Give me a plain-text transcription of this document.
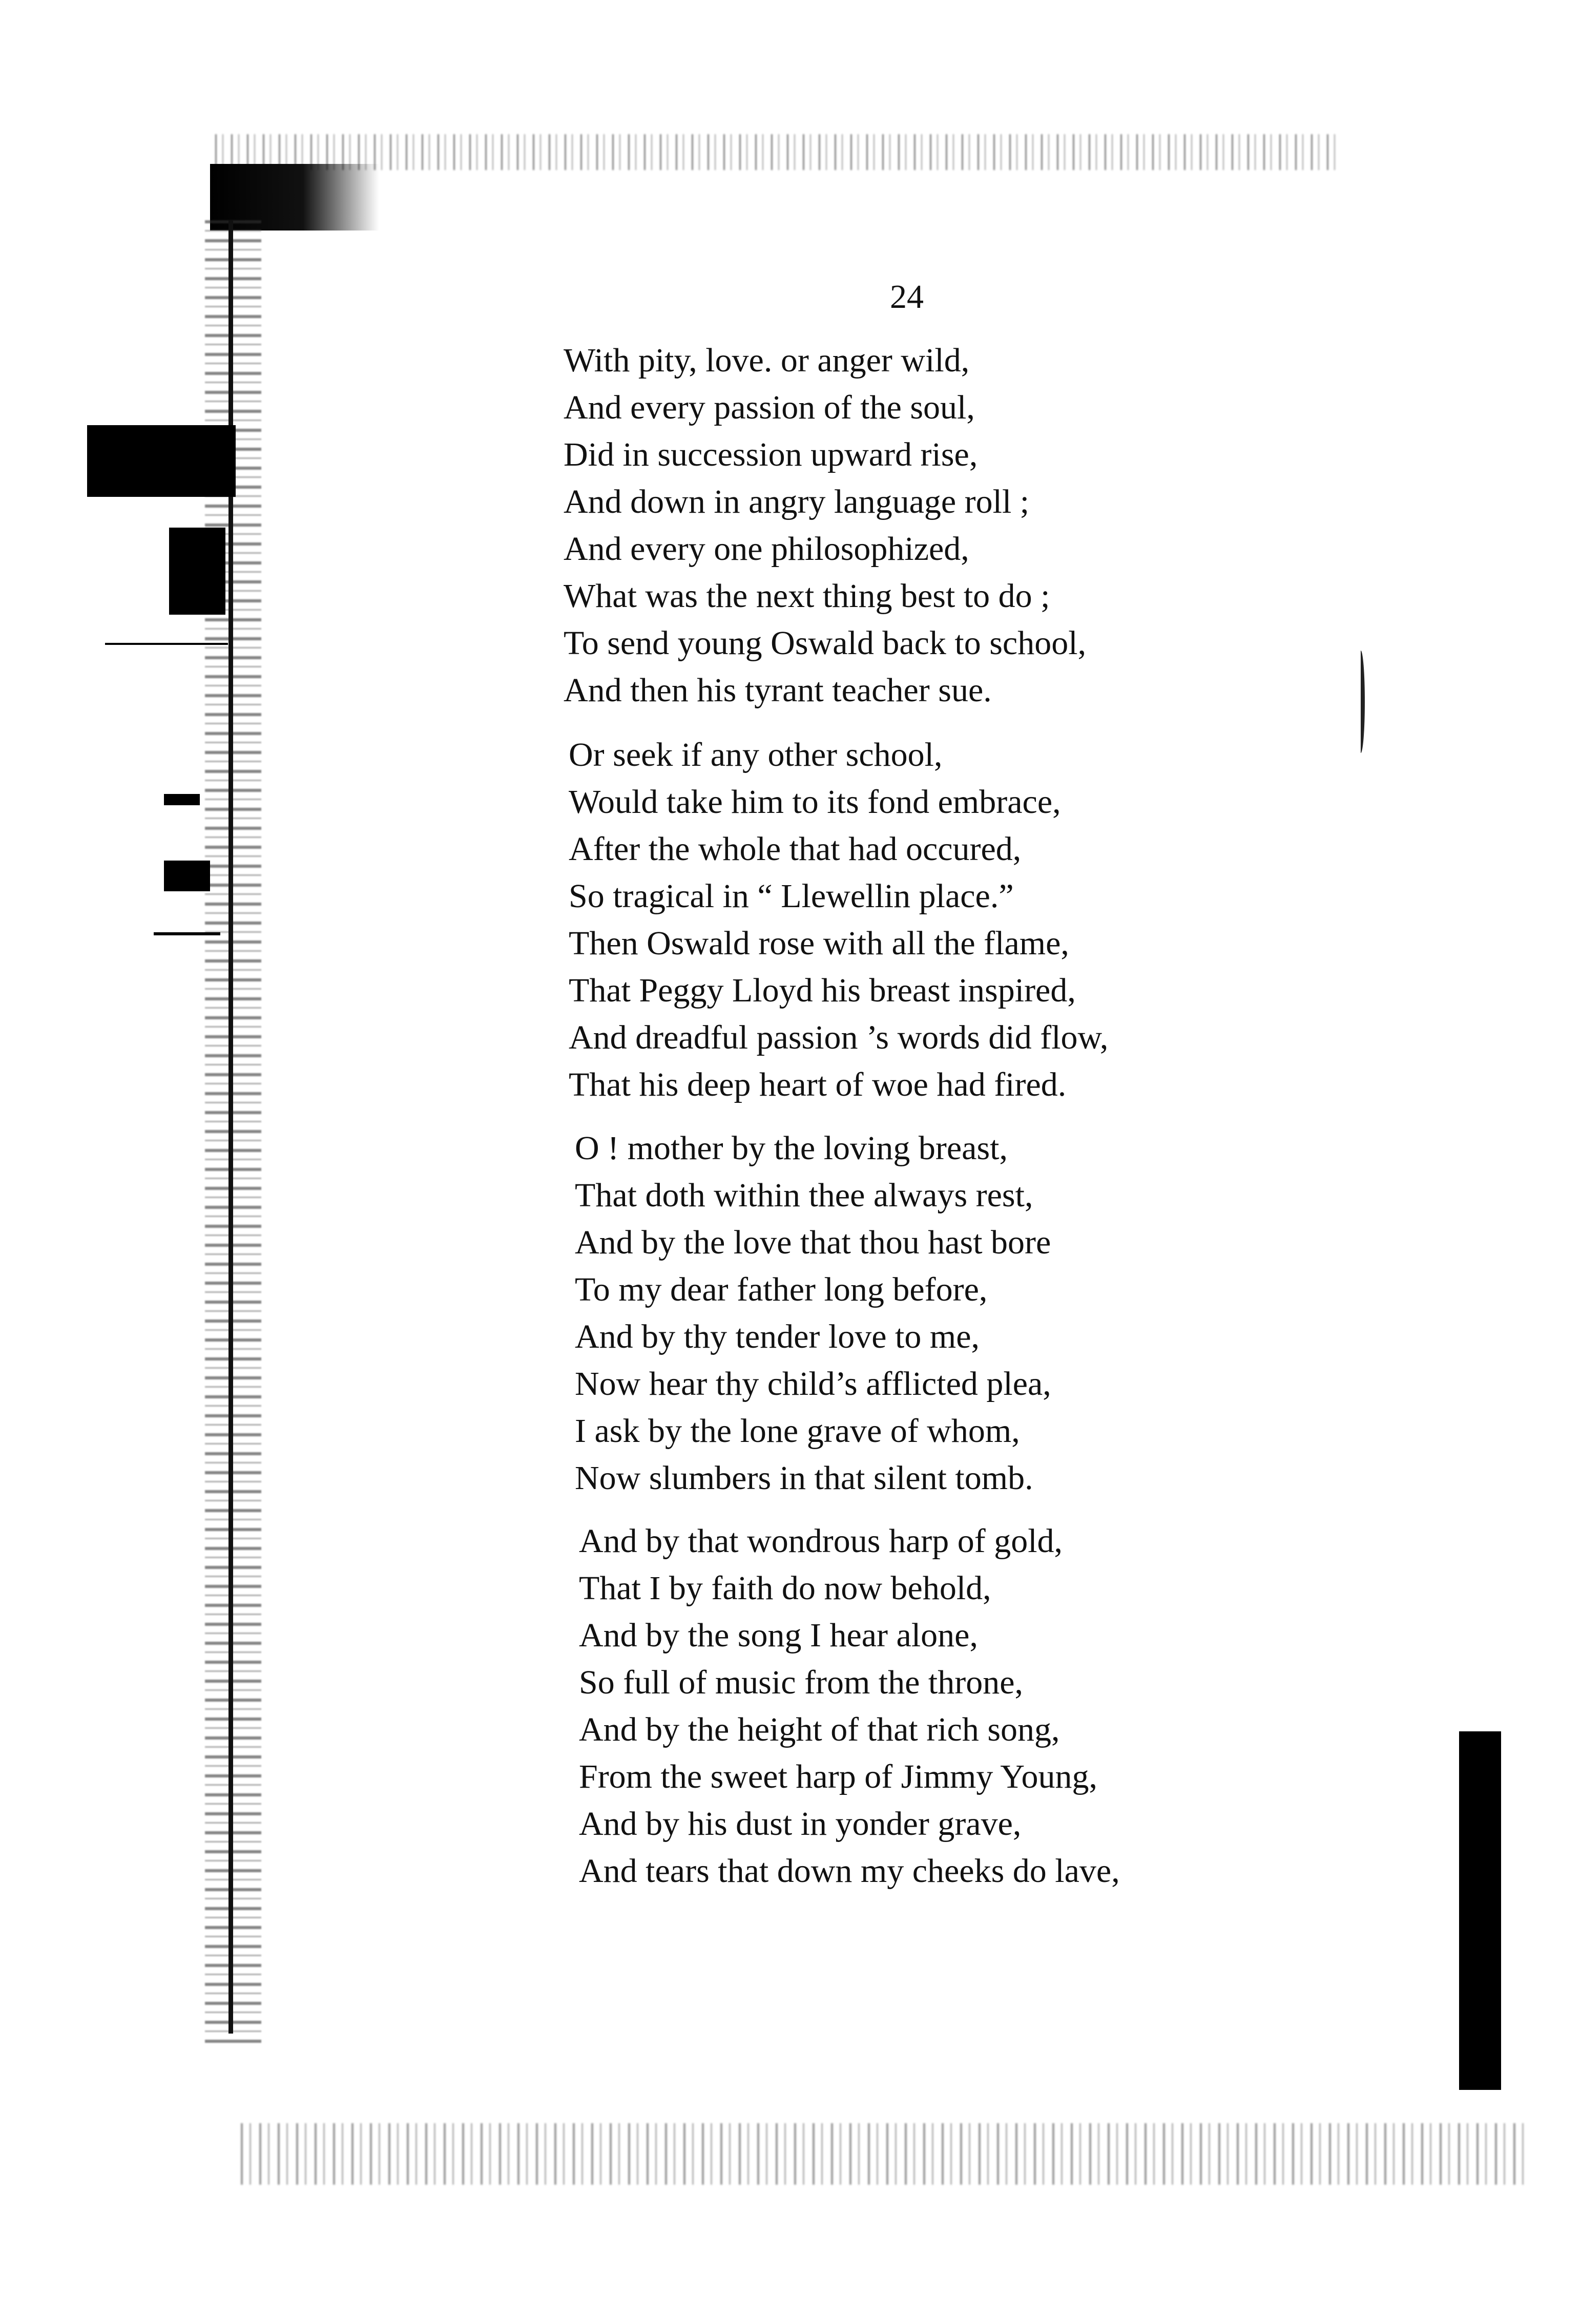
24
With pity, love. or anger wild,
And every passion of the soul,
Did in succession upward rise,
And down in angry language roll ;
And every one philosophized,
What was the next thing best to do ;
To send young Oswald back to school,
And then his tyrant teacher sue.
Or seek if any other school,
Would take him to its fond embrace,
After the whole that had occured,
So tragical in “ Llewellin place.”
Then Oswald rose with all the flame,
That Peggy Lloyd his breast inspired,
And dreadful passion ’s words did flow,
That his deep heart of woe had fired.
O ! mother by the loving breast,
That doth within thee always rest,
And by the love that thou hast bore
To my dear father long before,
And by thy tender love to me,
Now hear thy child’s afflicted plea,
I ask by the lone grave of whom,
Now slumbers in that silent tomb.
And by that wondrous harp of gold,
That I by faith do now behold,
And by the song I hear alone,
So full of music from the throne,
And by the height of that rich song,
From the sweet harp of Jimmy Young,
And by his dust in yonder grave,
And tears that down my cheeks do lave,
